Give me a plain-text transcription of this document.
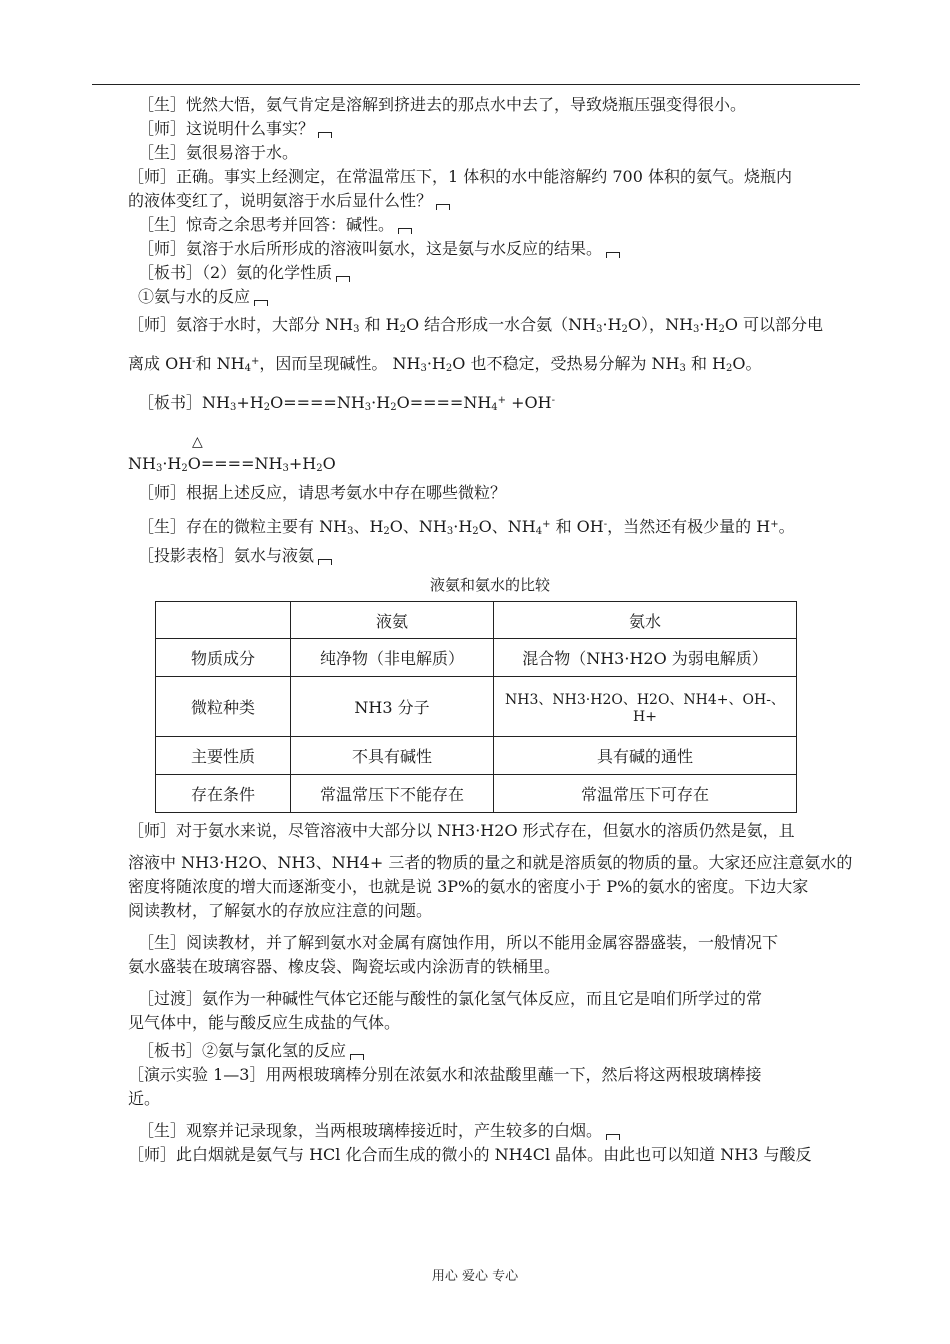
［生］恍然大悟，氨气肯定是溶解到挤进去的那点水中去了，导致烧瓶压强变得很小。

［师］这说明什么事实？

［生］氨很易溶于水。

［师］正确。事实上经测定，在常温常压下，1 体积的水中能溶解约 700 体积的氨气。烧瓶内

的液体变红了，说明氨溶于水后显什么性？

［生］惊奇之余思考并回答：碱性。

［师］氨溶于水后所形成的溶液叫氨水，这是氨与水反应的结果。

［板书］（2）氨的化学性质

①氨与水的反应

［师］氨溶于水时，大部分 $NH_3$ 和 $H_2O$ 结合形成一水合氨$(NH_3\cdot H_2O)$，$NH_3\cdot H_2O$ 可以部分电

离成 OH-和 $NH_4^+$，因而呈现碱性。 $NH_3\cdot H_2O$ 也不稳定，受热易分解为 $NH_3$ 和 $H_2O$。

［板书$]NH_3+H_2O====NH_3\cdot H_2O====NH_4^+ +OH^-$

△
$NH_3\cdot H_2O====NH_3+H_2O$

［师］根据上述反应，请思考氨水中存在哪些微粒？

［生］存在的微粒主要有 $NH_3$、$H_2O$、$NH_3\cdot H_2O$、$NH_4^+$ 和 OH-，当然还有极少量的 H+。

［投影表格］氨水与液氨

液氨和氨水的比较
	液氨	氨水
物质成分	纯净物（非电解质）	混合物（NH3·H2O 为弱电解质）
微粒种类	NH3 分子	NH3、NH3·H2O、H2O、NH4+、OH-、H+
主要性质	不具有碱性	具有碱的通性
存在条件	常温常压下不能存在	常温常压下可存在

［师］对于氨水来说，尽管溶液中大部分以 NH3·H2O 形式存在，但氨水的溶质仍然是氨，且

溶液中 NH3·H2O、NH3、NH4+ 三者的物质的量之和就是溶质氨的物质的量。大家还应注意氨水的

密度将随浓度的增大而逐渐变小，也就是说 3P%的氨水的密度小于 P%的氨水的密度。下边大家

阅读教材，了解氨水的存放应注意的问题。

［生］阅读教材，并了解到氨水对金属有腐蚀作用，所以不能用金属容器盛装，一般情况下

氨水盛装在玻璃容器、橡皮袋、陶瓷坛或内涂沥青的铁桶里。

［过渡］氨作为一种碱性气体它还能与酸性的氯化氢气体反应，而且它是咱们所学过的常

见气体中，能与酸反应生成盐的气体。

［板书］②氨与氯化氢的反应

［演示实验 1—3］用两根玻璃棒分别在浓氨水和浓盐酸里蘸一下，然后将这两根玻璃棒接

近。

［生］观察并记录现象，当两根玻璃棒接近时，产生较多的白烟。

［师］此白烟就是氨气与 HCl 化合而生成的微小的 NH4Cl 晶体。由此也可以知道 NH3 与酸反

用心 爱心 专心
